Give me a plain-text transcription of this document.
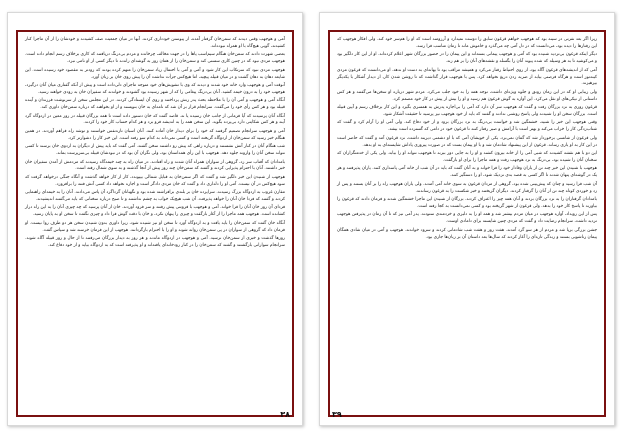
آمی و هوجهب وقتی دیدند که سمن‌خان گرفتار آمده، از پیوستن خودداری کردند. آنها در میان جمعیت صف کشیدند و خودشان را از آن ماجرا کنار کشیدند، گویی هیچ‌گاه با او همراه نبوده‌اند.

بعضی شهرت دادند که سمن‌خان هنگام سیم‌اسب پاها را در جهت مخالف چرخانده و مردم بی‌درنگ دریافتند که کاری برخلاف رسم انجام داده است. هوجهب مردی نبود که در چنین کاری سستی کند و سمن‌خان را از همان روز به گوشه‌ای راندند تا دیگر کسی از او نامی نبرد.

هوجهب مردی نبود که سرتکاب این کار شود و آمی و آمی با احتمال زیاد سمن‌خان را متهم کرده بودند که زودتر به مقصود خود رسیده است. این شایعه دهان به دهان گشت و در میان قبیله پیچید، اما هیچ‌کس جرأت نداشت آن را پیش روی خان بر زبان آورد.

آنوقت آمی و هوجهب وارد خانه خود شدند و دیدند که وی با تشویش‌های خود متوجه ماجرای دلی‌داده است و پیش از آنکه گفتاری میان آنان درگیرد، هوجهب خود را به درون خیمه کشید. آنان بی‌درنگ پیغامی را که از شهر رسیده بود گشودند و خواندند که سفیران خان به زودی خواهند رسید.

آنگاه آمی و هوجهب و آمی آن را با ملاحظه بحث پدر زنش پرداختند و روی آن ایستادگی کردند. در این مجلس سخن از سرنوشت فرزندان و آینده قبیله بود و هر کس رأی خود را می‌گفت. سرانجام قرار بر آن شد که نامه‌ای به خان بنویسند و از او بخواهند که درباره سمن‌خان داوری کند.

آنگاه آنان پرسیدند که آیا فرمانی از جانب خان رسیده یا نه. قاصد گفت که خان دستور داده است تا همه بزرگان قبیله در روز معین در اردوگاه گرد آیند و هر کس شکایتی دارد بی‌پرده بگوید. این سخن همه را به اندیشه فرو برد و هر کدام حساب کار خود را کردند.

آمی و هوجهب سرانجام تصمیم گرفتند که خود را برای دیدار خان آماده کنند. آنان اسبان تازه‌نفس خواستند و توشه راه فراهم آوردند. در همین هنگام خبر رسید که سمن‌خان از اردوگاه گریخته است و کسی نمی‌داند به کدام سو رفته است. این خبر کار را دشوارتر کرد.

شب هنگام آنان در کنار آتش نشستند و درباره راهی که پیش رو داشتند سخن گفتند. آمی گفت که باید پیش از دیگران به اردوی خان برسند تا کسی نتواند سخن آنان را وارونه جلوه دهد. هوجهب با این رأی همداستان بود، ولی نگران آن بود که در نبودشان قبیله بی‌سرپرست بماند.

بامدادان که آفتاب سر زد، گروهی از سواران همراه آنان شدند و راه افتادند. در میان راه به چند خیمه‌گاه رسیدند که مردمش از آمدن سفیران خان خبر داشتند. آنان با احترام پذیرایی کردند و گفتند که سمن‌خان چند روز پیش از آنجا گذشته و به سوی شمال رفته است.

هوجهب از شنیدن این خبر دلگیر شد و گفت که اگر سمن‌خان به قبایل شمالی بپیوندد، کار از کار خواهد گذشت و آنگاه جنگی درخواهد گرفت که سود هیچ‌کس در آن نیست. آمی او را دلداری داد و گفت که خان مردی دادگر است و اجازه نخواهد داد کسی آتش فتنه را برافروزد.

مقارن غروب به اردوگاه بزرگ رسیدند. سراپرده خان بر بلندی برافراشته شده بود و نگهبانان گرداگرد آن پاس می‌دادند. آنان را به خیمه‌ای راهنمایی کردند و گفتند که فردا خان آنان را خواهد پذیرفت. آن شب هیچ‌یک خواب به چشم نداشتند و تا صبح درباره سخنانی که باید می‌گفتند اندیشیدند.

فردای آن روز خان آنان را فرا خواند. آمی و هوجهب با فروتنی پیش رفتند و سر فرود آوردند. خان از آنان پرسید که چه چیزی آنان را به این راه دراز کشانده است. هوجهب همه ماجرا را از آغاز بازگفت و چیزی را پنهان نکرد، و خان با دقت گوش فرا داد و چیزی نگفت تا سخن او به پایان رسید.

آنگاه خان گفت که سمن‌خان را باید یافت و به اردوگاه آورد تا سخن او نیز شنیده شود، زیرا داوری بدون شنیدن سخن هر دو طرف روا نیست. او فرمان داد که گروهی از سواران در پی سمن‌خان روانه شوند و او را با احترام بازگردانند. هوجهب از این فرمان خرسند شد و سپاس گفت.

روزها گذشت و خبری از سمن‌خان نرسید. آمی و هوجهب در اردوگاه ماندند و هر روز به دیدار بزرگان می‌رفتند تا از حال و روز قبیله آگاه شوند. سرانجام سوارانی بازگشتند و گفتند که سمن‌خان را در کنار رودخانه‌ای یافته‌اند و او پذیرفته است که به اردوگاه بیاید و از خود دفاع کند.

۳۸

زیرا اگر بعد نفرتی در سینه بود که هوجهب خواهم قرغون سابق را دوست نمیدارد و آرزومند است که او را هم‌سر خود کند. ولی افکار هوجهب که این رفتارها را دیده بود، می‌دانست که در دل آمی چه می‌گذرد و خاموش ماند تا زمان مناسب فرا رسد.

دیگر اینکه قرغون بی‌تردید شنیده بود که آمی و هوجهب پیمانی بسته‌اند و این پیمان را در حضور بزرگان شهر اعلام کرده‌اند. او از این کار دلگیر بود و می‌کوشید تا به هر وسیله که شده پیوند آنان را بگسلد و نقشه‌های آنان را بر هم زند.

آمی که از اندیشه‌های قرغون آگاه بود، از روی احتیاط رفتار می‌کرد و همیشه مراقب بود تا بهانه‌ای به دست او ندهد. او می‌دانست که قرغون مردی کینه‌توز است و هرگاه فرصتی بیابد از ضربه زدن دریغ نخواهد کرد. پس با هوجهب قرار گذاشت که تا روشن شدن کار، از دیدار آشکار با یکدیگر بپرهیزند.

ولی زیبایی او که در این زمان رونق و جلوه ویژه‌ای داشت، توجه همه را به خود جلب می‌کرد. مردم شهر درباره او سخن‌ها می‌گفتند و هر کس داستانی از نیکی‌های او نقل می‌کرد. این آوازه به گوش قرغون هم رسید و او را بیش از پیش در کار خود مصمم کرد.

قرغون روزی به نزد بزرگان رفت و گفت که هوجهب سر آن دارد که آمی را بی‌اجازه پدرش به همسری بگیرد و این کار برخلاف رسم و آیین قبیله است. بزرگان سخن او را شنیدند ولی پاسخ روشنی ندادند و گفتند که باید از خود هوجهب نیز پرسید تا حقیقت آشکار شود.

وقتی هوجهب این خبر را شنید، خشمگین شد و خواست بی‌درنگ به نزد بزرگان برود و از خود دفاع کند. ولی آمی او را آرام کرد و گفت که شتاب‌زدگی کار را خراب می‌کند و بهتر است با آرامش و صبر رفتار کنند تا قرغون خود در دامی که گسترده است بیفتد.

ولی قرغون از شانسی برخوردار شد که گمان نمی‌برد. یکی از خویشان آمی که با او دشمنی دیرینه داشت، نزد قرغون آمد و گفت که حاضر است در این کار به او یاری رساند. قرغون از این پیشنهاد شادمان شد و با او پیمان بست که در صورت پیروزی پاداش شایسته‌ای به او بدهد.

این دو با هم نقشه کشیدند که شبی آمی را از خانه بیرون کشند و او را به جایی دور ببرند تا هوجهب نتواند او را بیابد. ولی یکی از خدمتگزاران که سخنان آنان را شنیده بود، بی‌درنگ به نزد هوجهب رفت و همه ماجرا را برای او بازگفت.

هوجهب با شنیدن این خبر چند تن از یاران وفادار خود را فرا خواند و به آنان گفت که باید در آن شب از خانه آمی پاسداری کنند. یاران پذیرفتند و هر یک در گوشه‌ای پنهان شدند تا اگر کسی به قصد بدی نزدیک شود، او را دستگیر کنند.

آن شب فرا رسید و چنان که پیش‌بینی شده بود، گروهی از مردان قرغون به سوی خانه آمی آمدند. ولی یاران هوجهب راه را بر آنان بستند و پس از زد و خوردی کوتاه چند تن از آنان را گرفتار کردند. دیگران گریختند و خبر شکست را به قرغون رساندند.

بامدادان گرفتاران را به نزد بزرگان بردند و آنان همه چیز را اعتراف کردند. بزرگان از شنیدن این ماجرا خشمگین شدند و فرمان دادند که قرغون را بیاورند تا پاسخ کار خود را بدهد. ولی قرغون از شهر گریخته بود و کسی نمی‌دانست به کجا رفته است.

پس از این رویداد، آوازه هوجهب در میان مردم بیشتر شد و همه او را به دلیری و خردمندی ستودند. پدر آمی نیز که تا آن زمان در پذیرفتن هوجهب تردید داشت، سرانجام رضایت داد و گفت که مردی چنین شایسته برای دامادی اوست.

جشن بزرگی برپا شد و مردم از هر سو گرد آمدند. هفت روز و هفت شب شادمانی کردند و سرود خواندند. هوجهب و آمی در میان شادی همگان پیمان زناشویی بستند و زندگی تازه‌ای را آغاز کردند که سال‌ها بعد داستان آن بر زبان‌ها جاری بود.

۳۹
